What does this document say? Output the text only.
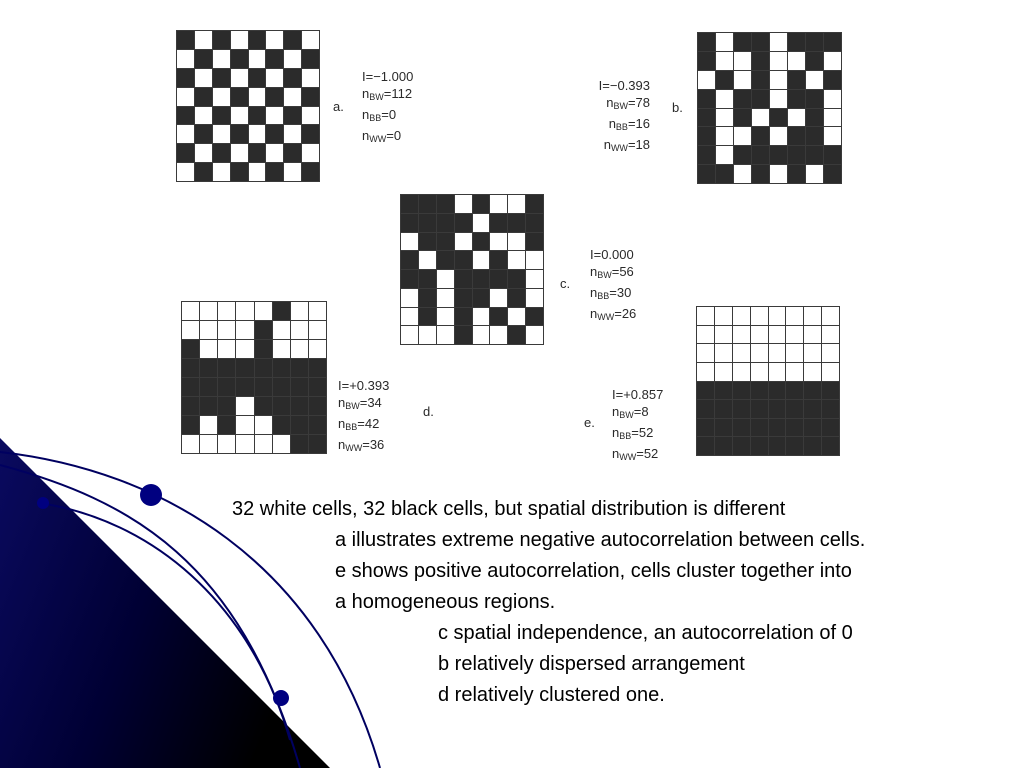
I=−1.000
$n_{BW}=112$
$n_{BB}=0$
$n_{WW}=0$
a.
I=−0.393
$n_{BW}=78$
$n_{BB}=16$
$n_{WW}=18$
b.
I=0.000
$n_{BW}=56$
$n_{BB}=30$
$n_{WW}=26$
c.
I=+0.393
$n_{BW}=34$
$n_{BB}=42$
$n_{WW}=36$
d.
I=+0.857
$n_{BW}=8$
$n_{BB}=52$
$n_{WW}=52$
e.
32 white cells, 32 black cells, but spatial distribution is different
a illustrates extreme negative autocorrelation between cells.
e shows positive autocorrelation, cells cluster together into
a homogeneous regions.
c spatial independence, an autocorrelation of 0
b relatively dispersed arrangement
d relatively clustered one.
